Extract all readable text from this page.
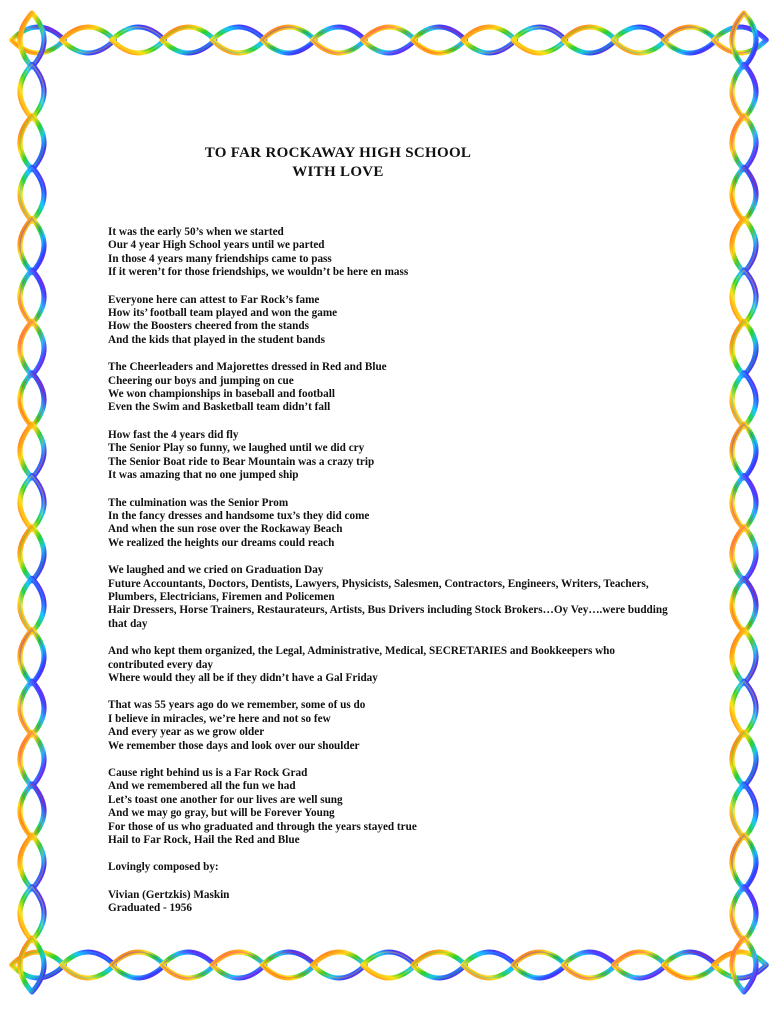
TO FAR ROCKAWAY HIGH SCHOOL
WITH LOVE
It was the early 50’s when we started
Our 4 year High School years until we parted
In those 4 years many friendships came to pass
If it weren’t for those friendships, we wouldn’t be here en mass
Everyone here can attest to Far Rock’s fame
How its’ football team played and won the game
How the Boosters cheered from the stands
And the kids that played in the student bands
The Cheerleaders and Majorettes dressed in Red and Blue
Cheering our boys and jumping on cue
We won championships in baseball and football
Even the Swim and Basketball team didn’t fall
How fast the 4 years did fly
The Senior Play so funny, we laughed until we did cry
The Senior Boat ride to Bear Mountain was a crazy trip
It was amazing that no one jumped ship
The culmination was the Senior Prom
In the fancy dresses and handsome tux’s they did come
And when the sun rose over the Rockaway Beach
We realized the heights our dreams could reach
We laughed and we cried on Graduation Day
Future Accountants, Doctors, Dentists, Lawyers, Physicists, Salesmen, Contractors, Engineers, Writers, Teachers, Plumbers, Electricians, Firemen and Policemen
Hair Dressers, Horse Trainers, Restaurateurs, Artists, Bus Drivers including Stock Brokers…Oy Vey….were budding that day
And who kept them organized, the Legal, Administrative, Medical, SECRETARIES and Bookkeepers who contributed every day
Where would they all be if they didn’t have a Gal Friday
That was 55 years ago do we remember, some of us do
I believe in miracles, we’re here and not so few
And every year as we grow older
We remember those days and look over our shoulder
Cause right behind us is a Far Rock Grad
And we remembered all the fun we had
Let’s toast one another for our lives are well sung
And we may go gray, but will be Forever Young
For those of us who graduated and through the years stayed true
Hail to Far Rock, Hail the Red and Blue
Lovingly composed by:
Vivian (Gertzkis) Maskin
Graduated - 1956
